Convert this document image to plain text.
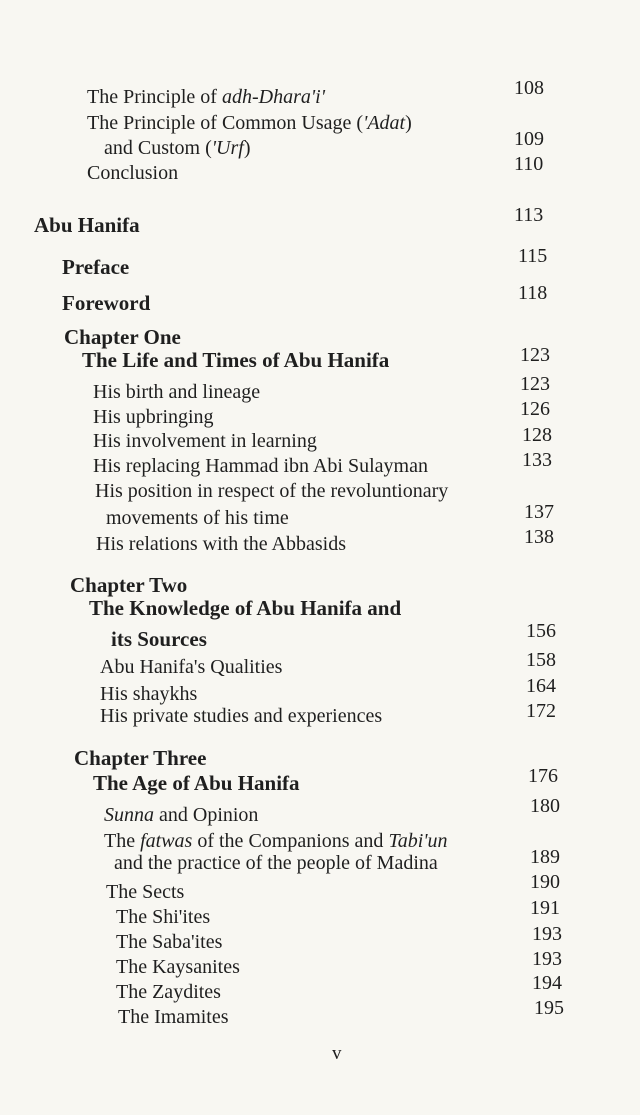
The Principle of adh-Dhara'i'	108
The Principle of Common Usage ('Adat)
and Custom ('Urf)	109
Conclusion	110
Abu Hanifa	113
Preface	115
Foreword	118
Chapter One
The Life and Times of Abu Hanifa	123
His birth and lineage	123
His upbringing	126
His involvement in learning	128
His replacing Hammad ibn Abi Sulayman	133
His position in respect of the revoluntionary
movements of his time	137
His relations with the Abbasids	138
Chapter Two
The Knowledge of Abu Hanifa and
its Sources	156
Abu Hanifa's Qualities	158
His shaykhs	164
His private studies and experiences	172
Chapter Three
The Age of Abu Hanifa	176
Sunna and Opinion	180
The fatwas of the Companions and Tabi'un
and the practice of the people of Madina	189
The Sects	190
The Shi'ites	191
The Saba'ites	193
The Kaysanites	193
The Zaydites	194
The Imamites	195
v
